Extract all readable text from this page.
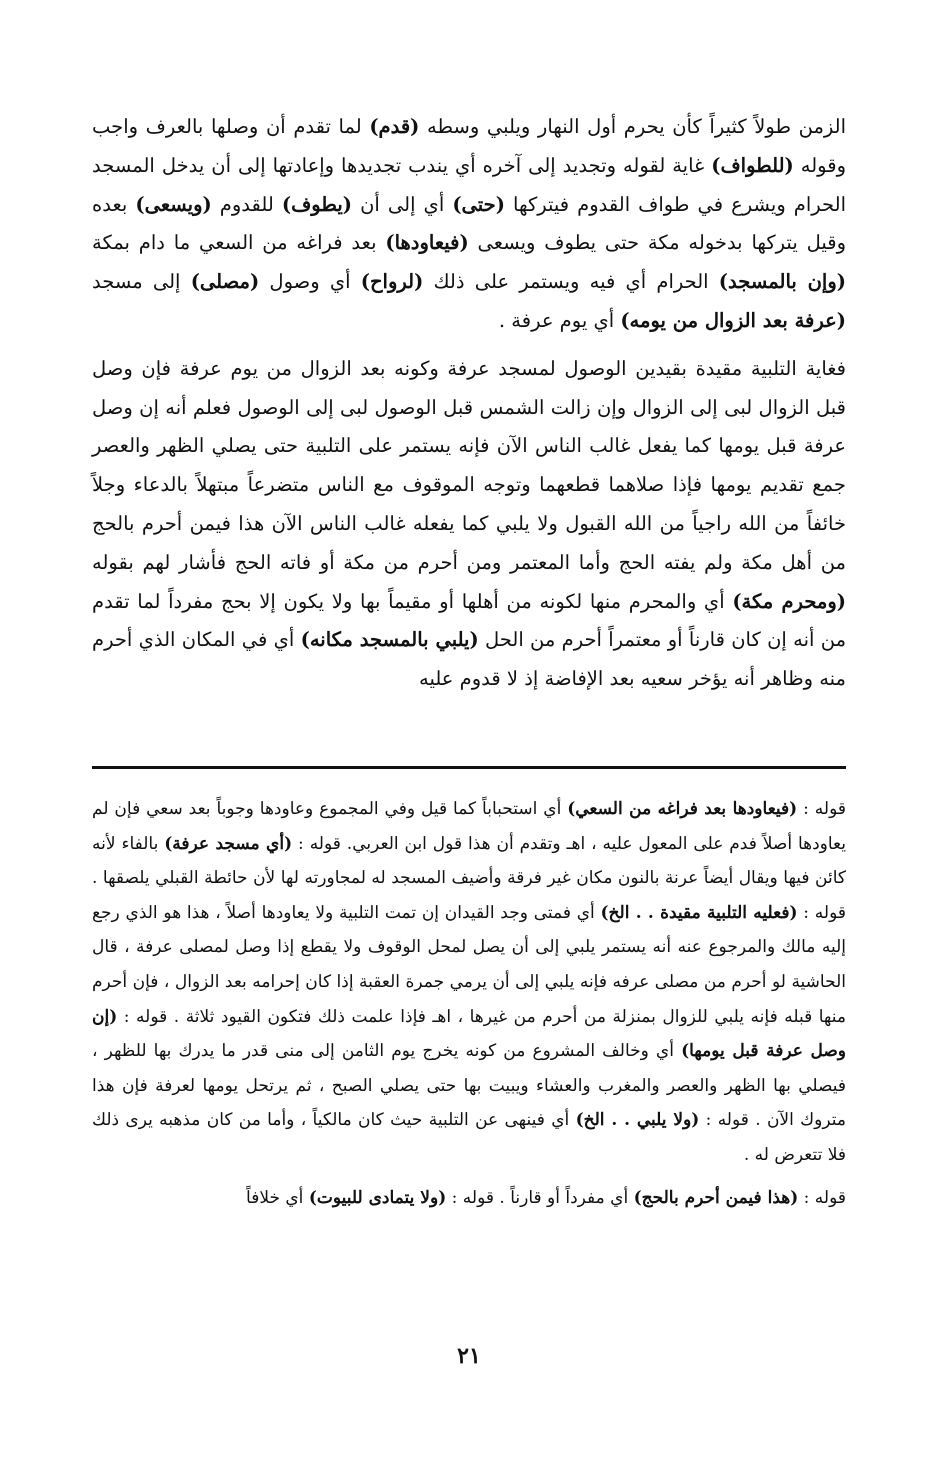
الزمن طولاً كثيراً كأن يحرم أول النهار ويلبي وسطه (قدم) لما تقدم أن وصلها بالعرف واجب وقوله (للطواف) غاية لقوله وتجديد إلى آخره أي يندب تجديدها وإعادتها إلى أن يدخل المسجد الحرام ويشرع في طواف القدوم فيتركها (حتى) أي إلى أن (يطوف) للقدوم (ويسعى) بعده وقيل يتركها بدخوله مكة حتى يطوف ويسعى (فيعاودها) بعد فراغه من السعي ما دام بمكة (وإن بالمسجد) الحرام أي فيه ويستمر على ذلك (لرواح) أي وصول (مصلى) إلى مسجد (عرفة بعد الزوال من يومه) أي يوم عرفة .

فغاية التلبية مقيدة بقيدين الوصول لمسجد عرفة وكونه بعد الزوال من يوم عرفة فإن وصل قبل الزوال لبى إلى الزوال وإن زالت الشمس قبل الوصول لبى إلى الوصول فعلم أنه إن وصل عرفة قبل يومها كما يفعل غالب الناس الآن فإنه يستمر على التلبية حتى يصلي الظهر والعصر جمع تقديم يومها فإذا صلاهما قطعهما وتوجه الموقوف مع الناس متضرعاً مبتهلاً بالدعاء وجلاً خائفاً من الله راجياً من الله القبول ولا يلبي كما يفعله غالب الناس الآن هذا فيمن أحرم بالحج من أهل مكة ولم يفته الحج وأما المعتمر ومن أحرم من مكة أو فاته الحج فأشار لهم بقوله (ومحرم مكة) أي والمحرم منها لكونه من أهلها أو مقيماً بها ولا يكون إلا بحج مفرداً لما تقدم من أنه إن كان قارناً أو معتمراً أحرم من الحل (يلبي بالمسجد مكانه) أي في المكان الذي أحرم منه وظاهر أنه يؤخر سعيه بعد الإفاضة إذ لا قدوم عليه

قوله : (فيعاودها بعد فراغه من السعي) أي استحباباً كما قيل وفي المجموع وعاودها وجوباً بعد سعي فإن لم يعاودها أصلاً فدم على المعول عليه ، اهـ وتقدم أن هذا قول ابن العربي. قوله : (أي مسجد عرفة) بالفاء لأنه كائن فيها ويقال أيضاً عرنة بالنون مكان غير فرقة وأضيف المسجد له لمجاورته لها لأن حائطة القبلي يلصقها . قوله : (فعليه التلبية مقيدة . . الخ) أي فمتى وجد القيدان إن تمت التلبية ولا يعاودها أصلاً ، هذا هو الذي رجع إليه مالك والمرجوع عنه أنه يستمر يلبي إلى أن يصل لمحل الوقوف ولا يقطع إذا وصل لمصلى عرفة ، قال الحاشية لو أحرم من مصلى عرفه فإنه يلبي إلى أن يرمي جمرة العقبة إذا كان إحرامه بعد الزوال ، فإن أحرم منها قبله فإنه يلبي للزوال بمنزلة من أحرم من غيرها ، اهـ فإذا علمت ذلك فتكون القيود ثلاثة . قوله : (إن وصل عرفة قبل يومها) أي وخالف المشروع من كونه يخرج يوم الثامن إلى منى قدر ما يدرك بها للظهر ، فيصلي بها الظهر والعصر والمغرب والعشاء ويبيت بها حتى يصلي الصبح ، ثم يرتحل يومها لعرفة فإن هذا متروك الآن . قوله : (ولا يلبي . . الخ) أي فينهى عن التلبية حيث كان مالكياً ، وأما من كان مذهبه يرى ذلك فلا تتعرض له .

قوله : (هذا فيمن أحرم بالحج) أي مفرداً أو قارناً . قوله : (ولا يتمادى للبيوت) أي خلافاً

٢١
